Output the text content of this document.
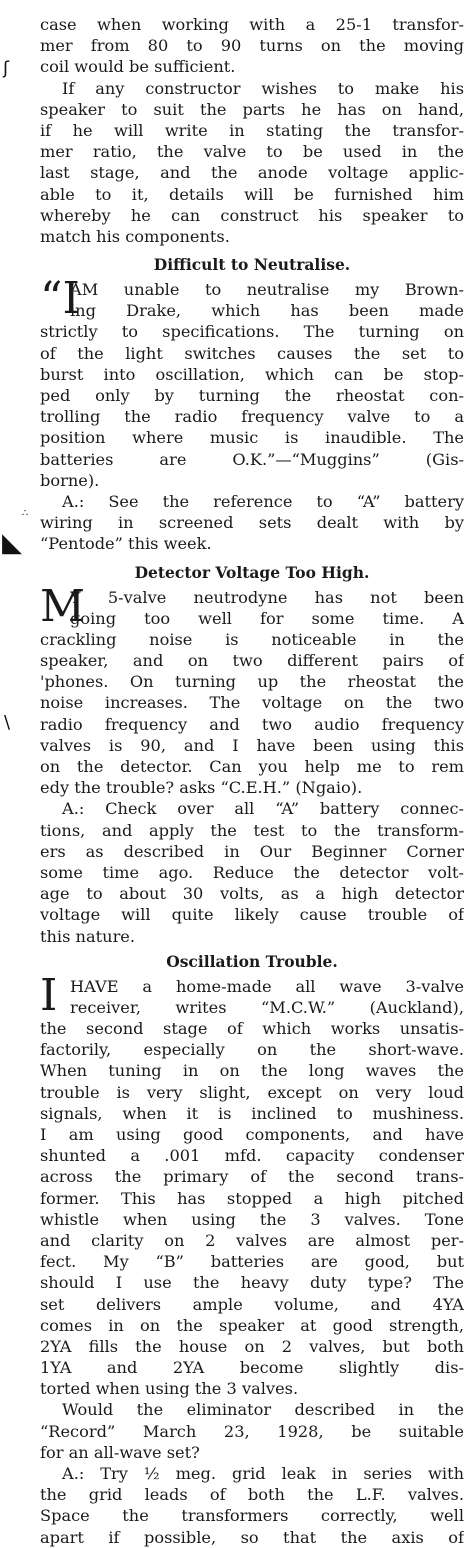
ʃ
◣
∴
\
case when working with a 25-1 transfor-
mer from 80 to 90 turns on the moving
coil would be sufficient.
If any constructor wishes to make his
speaker to suit the parts he has on hand,
if he will write in stating the transfor-
mer ratio, the valve to be used in the
last stage, and the anode voltage applic-
able to it, details will be furnished him
whereby he can construct his speaker to
match his components.
Difficult to Neutralise.
“I
AM unable to neutralise my Brown-
ing Drake, which has been made
strictly to specifications. The turning on
of the light switches causes the set to
burst into oscillation, which can be stop-
ped only by turning the rheostat con-
trolling the radio frequency valve to a
position where music is inaudible. The
batteries are O.K.”—“Muggins” (Gis-
borne).
A.: See the reference to “A” battery
wiring in screened sets dealt with by
“Pentode” this week.
Detector Voltage Too High.
M
Y 5-valve neutrodyne has not been
going too well for some time. A
crackling noise is noticeable in the
speaker, and on two different pairs of
'phones. On turning up the rheostat the
noise increases. The voltage on the two
radio frequency and two audio frequency
valves is 90, and I have been using this
on the detector. Can you help me to rem
edy the trouble? asks “C.E.H.” (Ngaio).
A.: Check over all “A” battery connec-
tions, and apply the test to the transform-
ers as described in Our Beginner Corner
some time ago. Reduce the detector volt-
age to about 30 volts, as a high detector
voltage will quite likely cause trouble of
this nature.
Oscillation Trouble.
I HAVE a home-made all wave 3-valve
receiver, writes “M.C.W.” (Auckland),
the second stage of which works unsatis-
factorily, especially on the short-wave.
When tuning in on the long waves the
trouble is very slight, except on very loud
signals, when it is inclined to mushiness.
I am using good components, and have
shunted a .001 mfd. capacity condenser
across the primary of the second trans-
former. This has stopped a high pitched
whistle when using the 3 valves. Tone
and clarity on 2 valves are almost per-
fect. My “B” batteries are good, but
should I use the heavy duty type? The
set delivers ample volume, and 4YA
comes in on the speaker at good strength,
2YA fills the house on 2 valves, but both
1YA and 2YA become slightly dis-
torted when using the 3 valves.
Would the eliminator described in the
“Record” March 23, 1928, be suitable
for an all-wave set?
A.: Try ½ meg. grid leak in series with
the grid leads of both the L.F. valves.
Space the transformers correctly, well
apart if possible, so that the axis of
